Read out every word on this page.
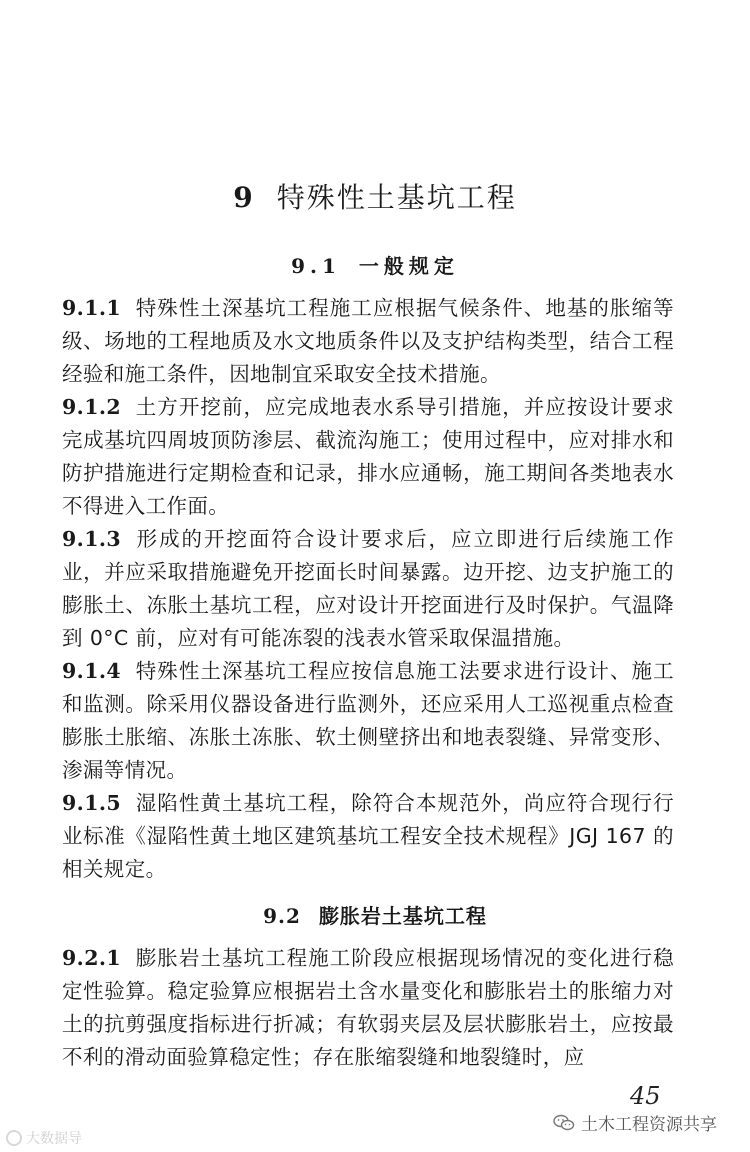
9 特殊性土基坑工程
9.1 一般规定

9.1.1 特殊性土深基坑工程施工应根据气候条件、地基的胀缩等级、场地的工程地质及水文地质条件以及支护结构类型，结合工程经验和施工条件，因地制宜采取安全技术措施。

9.1.2 土方开挖前，应完成地表水系导引措施，并应按设计要求完成基坑四周坡顶防渗层、截流沟施工；使用过程中，应对排水和防护措施进行定期检查和记录，排水应通畅，施工期间各类地表水不得进入工作面。

9.1.3 形成的开挖面符合设计要求后，应立即进行后续施工作业，并应采取措施避免开挖面长时间暴露。边开挖、边支护施工的膨胀土、冻胀土基坑工程，应对设计开挖面进行及时保护。气温降到 0°C 前，应对有可能冻裂的浅表水管采取保温措施。

9.1.4 特殊性土深基坑工程应按信息施工法要求进行设计、施工和监测。除采用仪器设备进行监测外，还应采用人工巡视重点检查膨胀土胀缩、冻胀土冻胀、软土侧壁挤出和地表裂缝、异常变形、渗漏等情况。

9.1.5 湿陷性黄土基坑工程，除符合本规范外，尚应符合现行行业标准《湿陷性黄土地区建筑基坑工程安全技术规程》JGJ 167 的相关规定。

9.2 膨胀岩土基坑工程

9.2.1 膨胀岩土基坑工程施工阶段应根据现场情况的变化进行稳定性验算。稳定验算应根据岩土含水量变化和膨胀岩土的胀缩力对土的抗剪强度指标进行折减；有软弱夹层及层状膨胀岩土，应按最不利的滑动面验算稳定性；存在胀缩裂缝和地裂缝时，应

45
土木工程资源共享
大数据导
